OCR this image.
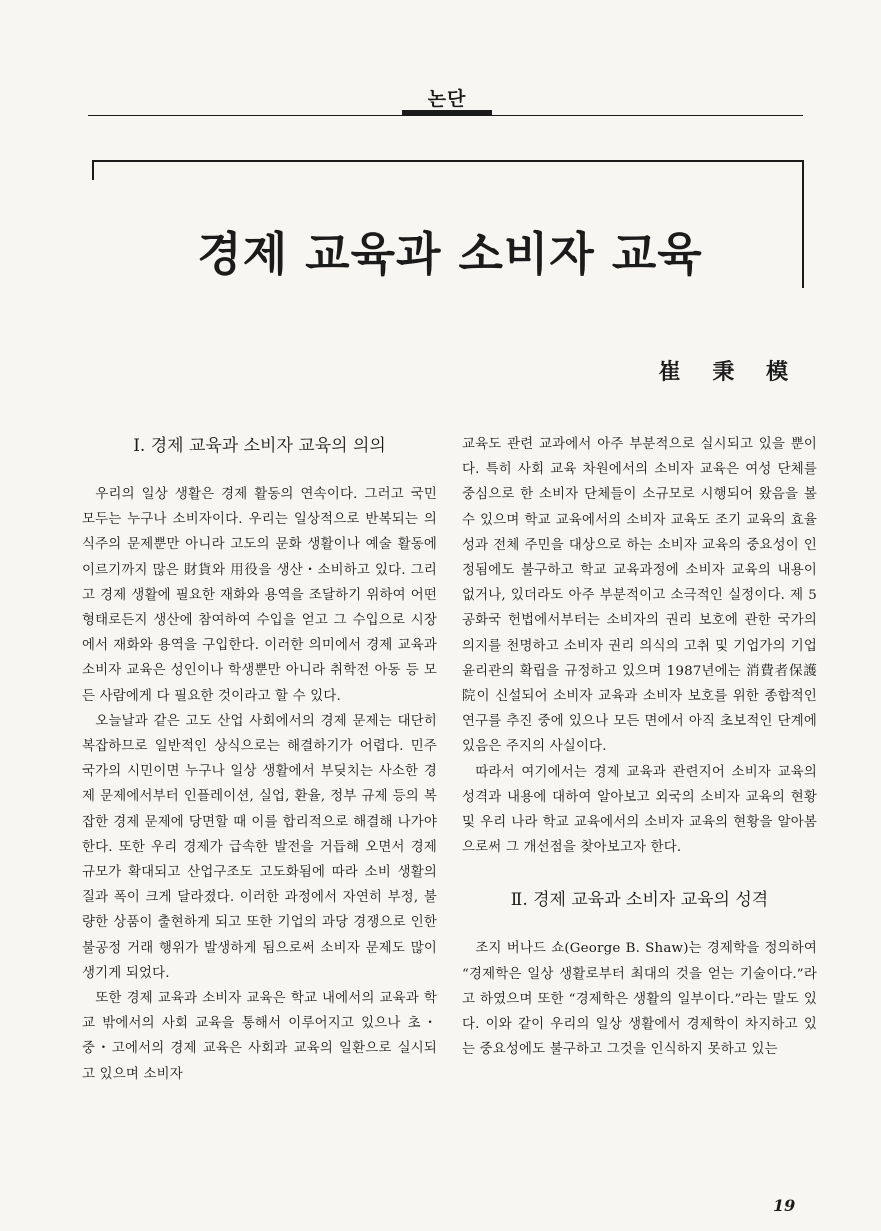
논단
경제 교육과 소비자 교육
崔 秉 模
Ⅰ. 경제 교육과 소비자 교육의 의의

우리의 일상 생활은 경제 활동의 연속이다. 그러고 국민 모두는 누구나 소비자이다. 우리는 일상적으로 반복되는 의식주의 문제뿐만 아니라 고도의 문화 생활이나 예술 활동에 이르기까지 많은 財貨와 用役을 생산・소비하고 있다. 그리고 경제 생활에 필요한 재화와 용역을 조달하기 위하여 어떤 형태로든지 생산에 참여하여 수입을 얻고 그 수입으로 시장에서 재화와 용역을 구입한다. 이러한 의미에서 경제 교육과 소비자 교육은 성인이나 학생뿐만 아니라 취학전 아동 등 모든 사람에게 다 필요한 것이라고 할 수 있다.

오늘날과 같은 고도 산업 사회에서의 경제 문제는 대단히 복잡하므로 일반적인 상식으로는 해결하기가 어렵다. 민주 국가의 시민이면 누구나 일상 생활에서 부딪치는 사소한 경제 문제에서부터 인플레이션, 실업, 환율, 정부 규제 등의 복잡한 경제 문제에 당면할 때 이를 합리적으로 해결해 나가야 한다. 또한 우리 경제가 급속한 발전을 거듭해 오면서 경제 규모가 확대되고 산업구조도 고도화됨에 따라 소비 생활의 질과 폭이 크게 달라졌다. 이러한 과정에서 자연히 부정, 불량한 상품이 출현하게 되고 또한 기업의 과당 경쟁으로 인한 불공정 거래 행위가 발생하게 됨으로써 소비자 문제도 많이 생기게 되었다.

또한 경제 교육과 소비자 교육은 학교 내에서의 교육과 학교 밖에서의 사회 교육을 통해서 이루어지고 있으나 초・중・고에서의 경제 교육은 사회과 교육의 일환으로 실시되고 있으며 소비자

교육도 관련 교과에서 아주 부분적으로 실시되고 있을 뿐이다. 특히 사회 교육 차원에서의 소비자 교육은 여성 단체를 중심으로 한 소비자 단체들이 소규모로 시행되어 왔음을 볼 수 있으며 학교 교육에서의 소비자 교육도 조기 교육의 효율성과 전체 주민을 대상으로 하는 소비자 교육의 중요성이 인정됨에도 불구하고 학교 교육과정에 소비자 교육의 내용이 없거나, 있더라도 아주 부분적이고 소극적인 실정이다. 제 5공화국 헌법에서부터는 소비자의 권리 보호에 관한 국가의 의지를 천명하고 소비자 권리 의식의 고취 및 기업가의 기업 윤리관의 확립을 규정하고 있으며 1987년에는 消費者保護院이 신설되어 소비자 교육과 소비자 보호를 위한 종합적인 연구를 추진 중에 있으나 모든 면에서 아직 초보적인 단계에 있음은 주지의 사실이다.

따라서 여기에서는 경제 교육과 관련지어 소비자 교육의 성격과 내용에 대하여 알아보고 외국의 소비자 교육의 현황 및 우리 나라 학교 교육에서의 소비자 교육의 현황을 알아봄으로써 그 개선점을 찾아보고자 한다.

Ⅱ. 경제 교육과 소비자 교육의 성격

조지 버나드 쇼(George B. Shaw)는 경제학을 정의하여 “경제학은 일상 생활로부터 최대의 것을 얻는 기술이다.”라고 하였으며 또한 “경제학은 생활의 일부이다.”라는 말도 있다. 이와 같이 우리의 일상 생활에서 경제학이 차지하고 있는 중요성에도 불구하고 그것을 인식하지 못하고 있는

19
